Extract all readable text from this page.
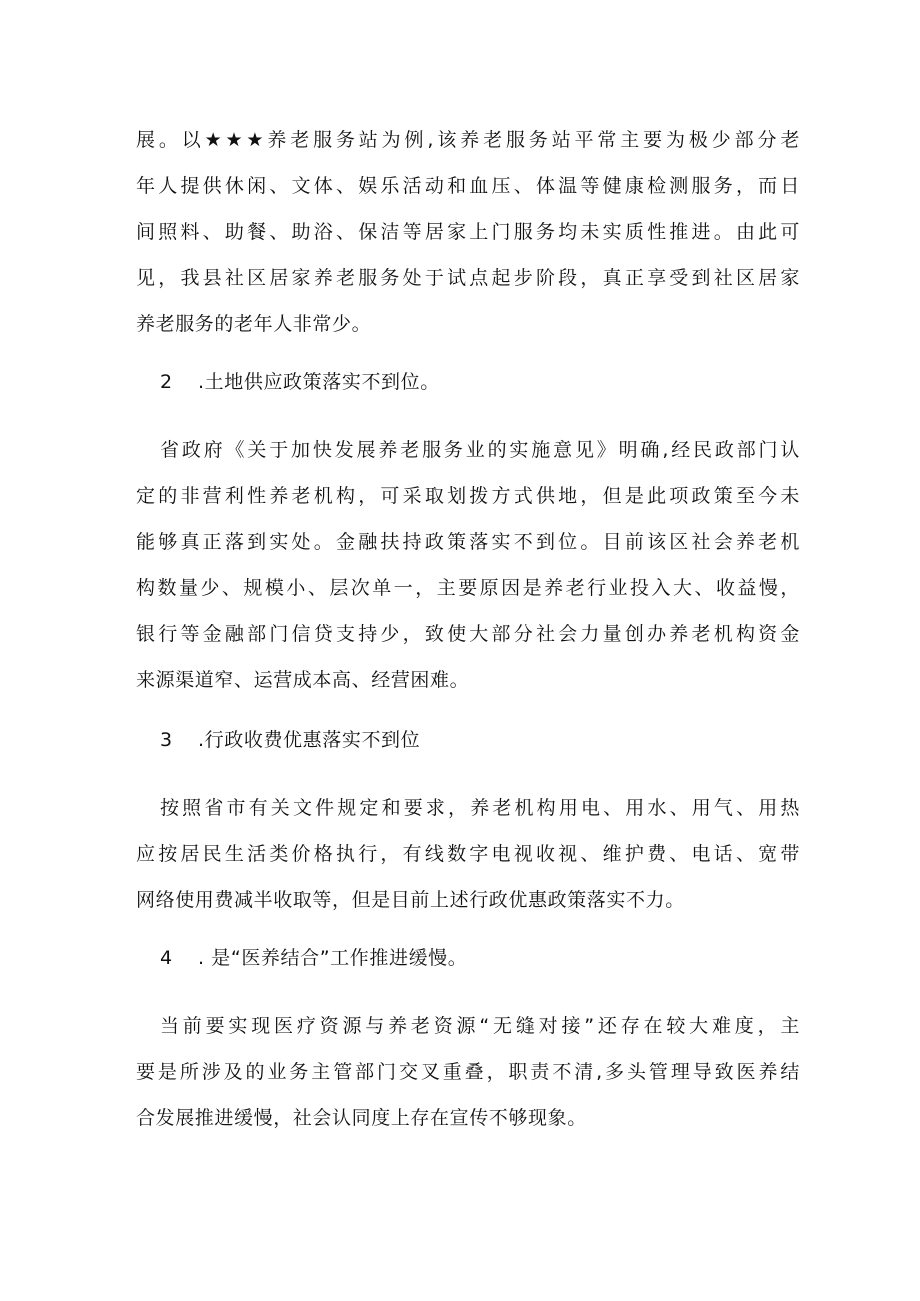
展。以★★★养老服务站为例,该养老服务站平常主要为极少部分老
年人提供休闲、文体、娱乐活动和血压、体温等健康检测服务，而日
间照料、助餐、助浴、保洁等居家上门服务均未实质性推进。由此可
见，我县社区居家养老服务处于试点起步阶段，真正享受到社区居家
养老服务的老年人非常少。
2 .土地供应政策落实不到位。
省政府《关于加快发展养老服务业的实施意见》明确,经民政部门认
定的非营利性养老机构，可采取划拨方式供地，但是此项政策至今未
能够真正落到实处。金融扶持政策落实不到位。目前该区社会养老机
构数量少、规模小、层次单一，主要原因是养老行业投入大、收益慢，
银行等金融部门信贷支持少，致使大部分社会力量创办养老机构资金
来源渠道窄、运营成本高、经营困难。
3 .行政收费优惠落实不到位
按照省市有关文件规定和要求，养老机构用电、用水、用气、用热
应按居民生活类价格执行，有线数字电视收视、维护费、电话、宽带
网络使用费减半收取等，但是目前上述行政优惠政策落实不力。
4 . 是“医养结合”工作推进缓慢。
当前要实现医疗资源与养老资源“无缝对接”还存在较大难度，主
要是所涉及的业务主管部门交叉重叠，职责不清,多头管理导致医养结
合发展推进缓慢，社会认同度上存在宣传不够现象。
